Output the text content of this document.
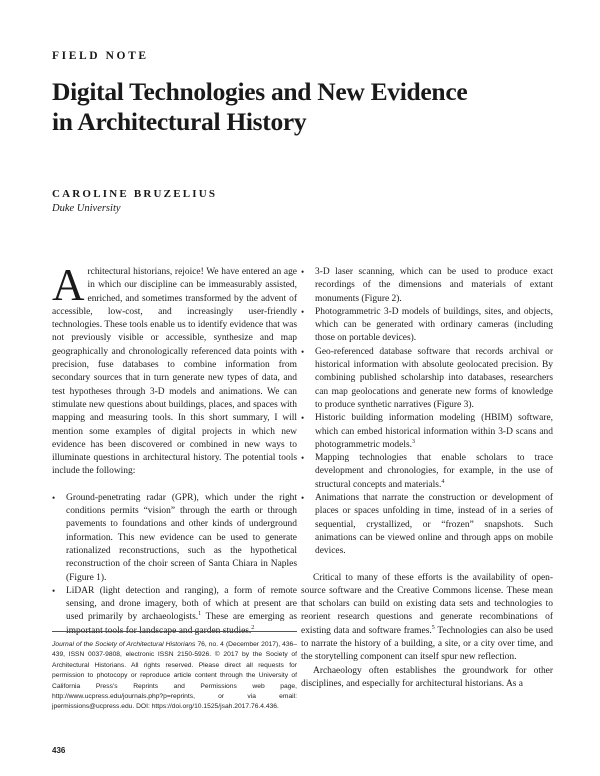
FIELD NOTE
Digital Technologies and New Evidence
in Architectural History
CAROLINE BRUZELIUS
Duke University

Architectural historians, rejoice! We have entered an age in which our discipline can be immeasurably assisted, enriched, and sometimes transformed by the advent of accessible, low-cost, and increasingly user-friendly technologies. These tools enable us to identify evidence that was not previously visible or accessible, synthesize and map geographically and chronologically referenced data points with precision, fuse databases to combine information from secondary sources that in turn generate new types of data, and test hypotheses through 3-D models and animations. We can stimulate new questions about buildings, places, and spaces with mapping and measuring tools. In this short summary, I will mention some examples of digital projects in which new evidence has been discovered or combined in new ways to illuminate questions in architectural history. The potential tools include the following:

• Ground-penetrating radar (GPR), which under the right conditions permits “vision” through the earth or through pavements to foundations and other kinds of underground information. This new evidence can be used to generate rationalized reconstructions, such as the hypothetical reconstruction of the choir screen of Santa Chiara in Naples (Figure 1).
• LiDAR (light detection and ranging), a form of remote sensing, and drone imagery, both of which at present are used primarily by archaeologists.$^1$ These are emerging as important tools for landscape and garden studies.$^2$
• 3-D laser scanning, which can be used to produce exact recordings of the dimensions and materials of extant monuments (Figure 2).
• Photogrammetric 3-D models of buildings, sites, and objects, which can be generated with ordinary cameras (including those on portable devices).
• Geo-referenced database software that records archival or historical information with absolute geolocated precision. By combining published scholarship into databases, researchers can map geolocations and generate new forms of knowledge to produce synthetic narratives (Figure 3).
• Historic building information modeling (HBIM) software, which can embed historical information within 3-D scans and photogrammetric models.$^3$
• Mapping technologies that enable scholars to trace development and chronologies, for example, in the use of structural concepts and materials.$^4$
• Animations that narrate the construction or development of places or spaces unfolding in time, instead of in a series of sequential, crystallized, or “frozen” snapshots. Such animations can be viewed online and through apps on mobile devices.

Critical to many of these efforts is the availability of open-source software and the Creative Commons license. These mean that scholars can build on existing data sets and technologies to reorient research questions and generate recombinations of existing data and software frames.$^5$ Technologies can also be used to narrate the history of a building, a site, or a city over time, and the storytelling component can itself spur new reflection.

Archaeology often establishes the groundwork for other disciplines, and especially for architectural historians. As a

Journal of the Society of Architectural Historians 76, no. 4 (December 2017), 436–439, ISSN 0037-9808, electronic ISSN 2150-5926. © 2017 by the Society of Architectural Historians. All rights reserved. Please direct all requests for permission to photocopy or reproduce article content through the University of California Press’s Reprints and Permissions web page, http://www.ucpress.edu/journals.php?p=reprints, or via email: jpermissions@ucpress.edu. DOI: https://doi.org/10.1525/jsah.2017.76.4.436.
436
